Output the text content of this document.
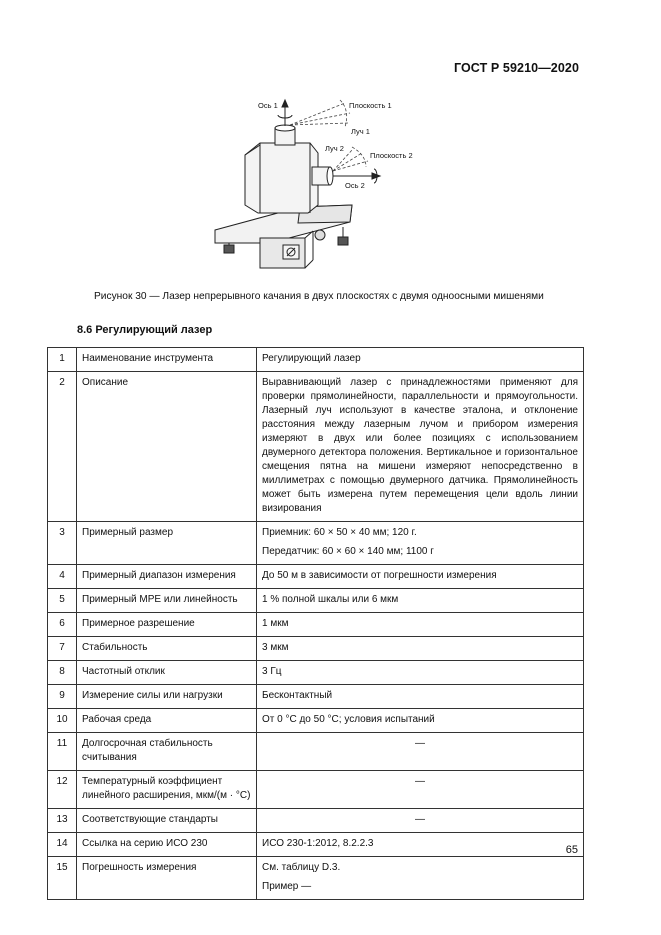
ГОСТ Р 59210—2020
Ось 1	Плоскость 1
Луч 1
Луч 2
Плоскость 2
Ось 2
Рисунок 30 — Лазер непрерывного качания в двух плоскостях с двумя одноосными мишенями
8.6 Регулирующий лазер
1	Наименование инструмента	Регулирующий лазер
2	Описание	Выравнивающий лазер с принадлежностями применяют для проверки прямолинейности, параллельности и прямоугольности. Лазерный луч используют в качестве эталона, и отклонение расстояния между лазерным лучом и прибором измерения измеряют в двух или более позициях с использованием двумерного детектора положения. Вертикальное и горизонтальное смещения пятна на мишени измеряют непосредственно в миллиметрах с помощью двумерного датчика. Прямолинейность может быть измерена путем перемещения цели вдоль линии визирования
3	Примерный размер	Приемник: 60 × 50 × 40 мм; 120 г.
Передатчик: 60 × 60 × 140 мм; 1100 г

4	Примерный диапазон измерения	До 50 м в зависимости от погрешности измерения
5	Примерный MPE или линейность	1 % полной шкалы или 6 мкм
6	Примерное разрешение	1 мкм
7	Стабильность	3 мкм
8	Частотный отклик	3 Гц
9	Измерение силы или нагрузки	Бесконтактный
10	Рабочая среда	От 0 °С до 50 °С; условия испытаний
11	Долгосрочная стабильность считывания	—
12	Температурный коэффициент линейного расширения, мкм/(м · °С)	—
13	Соответствующие стандарты	—
14	Ссылка на серию ИСО 230	ИСО 230-1:2012, 8.2.2.3
15	Погрешность измерения	См. таблицу D.3.
Пример —
65
